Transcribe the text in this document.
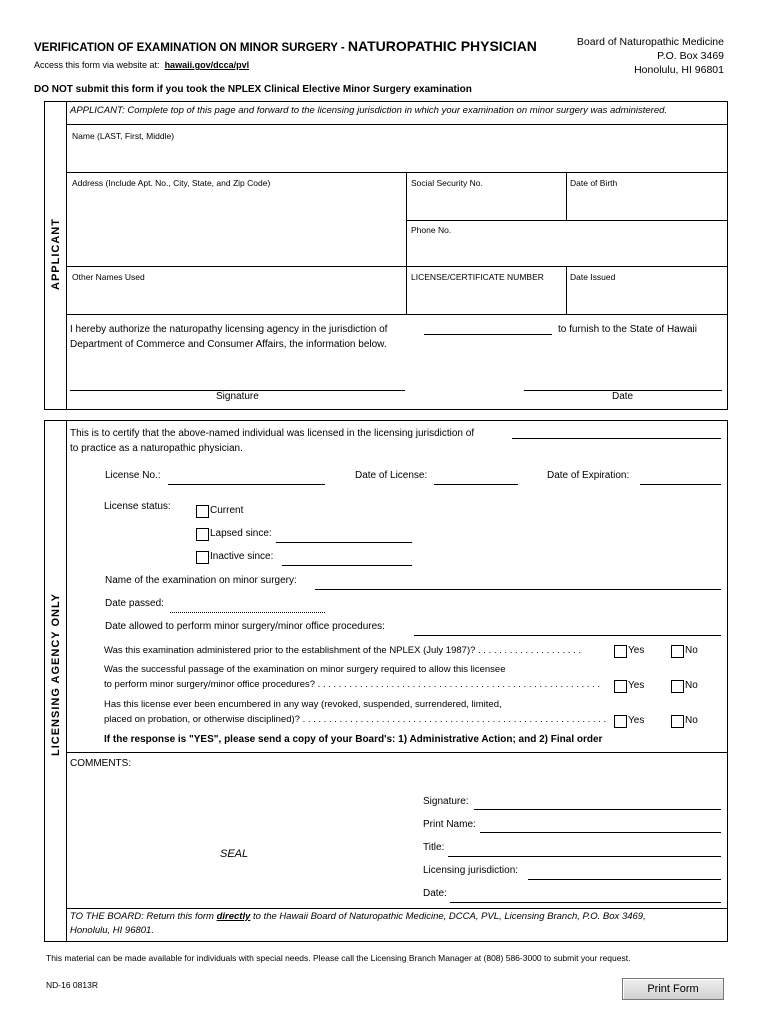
VERIFICATION OF EXAMINATION ON MINOR SURGERY - NATUROPATHIC PHYSICIAN
Access this form via website at: hawaii.gov/dcca/pvl
Board of Naturopathic Medicine
P.O. Box 3469
Honolulu, HI 96801
DO NOT submit this form if you took the NPLEX Clinical Elective Minor Surgery examination
APPLICANT
APPLICANT: Complete top of this page and forward to the licensing jurisdiction in which your examination on minor surgery was administered.
Name (LAST, First, Middle)
Address (Include Apt. No., City, State, and Zip Code)	Social Security No.	Date of Birth
Phone No.
Other Names Used	LICENSE/CERTIFICATE NUMBER	Date Issued
I hereby authorize the naturopathy licensing agency in the jurisdiction of	to furnish to the State of Hawaii
Department of Commerce and Consumer Affairs, the information below.
Signature	Date
LICENSING AGENCY ONLY
This is to certify that the above-named individual was licensed in the licensing jurisdiction of
to practice as a naturopathic physician.
License No.:	Date of License:	Date of Expiration:
License status:	Current
Lapsed since:
Inactive since:
Name of the examination on minor surgery:
Date passed:
Date allowed to perform minor surgery/minor office procedures:
Was this examination administered prior to the establishment of the NPLEX (July 1987)? . . . . . . . . . . . . . . . . . . . .	Yes	No
Was the successful passage of the examination on minor surgery required to allow this licensee
to perform minor surgery/minor office procedures? . . . . . . . . . . . . . . . . . . . . . . . . . . . . . . . . . . . . . . . . . . . . . . . . . . . . . .	Yes	No
Has this license ever been encumbered in any way (revoked, suspended, surrendered, limited,
placed on probation, or otherwise disciplined)? . . . . . . . . . . . . . . . . . . . . . . . . . . . . . . . . . . . . . . . . . . . . . . . . . . . . . . . . . . Yes	No
If the response is "YES", please send a copy of your Board's: 1) Administrative Action; and 2) Final order
COMMENTS:
Signature:
Print Name:
Title:
SEAL
Licensing jurisdiction:
Date:
TO THE BOARD: Return this form directly to the Hawaii Board of Naturopathic Medicine, DCCA, PVL, Licensing Branch, P.O. Box 3469,
Honolulu, HI 96801.
This material can be made available for individuals with special needs. Please call the Licensing Branch Manager at (808) 586-3000 to submit your request.
ND-16 0813R	Print Form
